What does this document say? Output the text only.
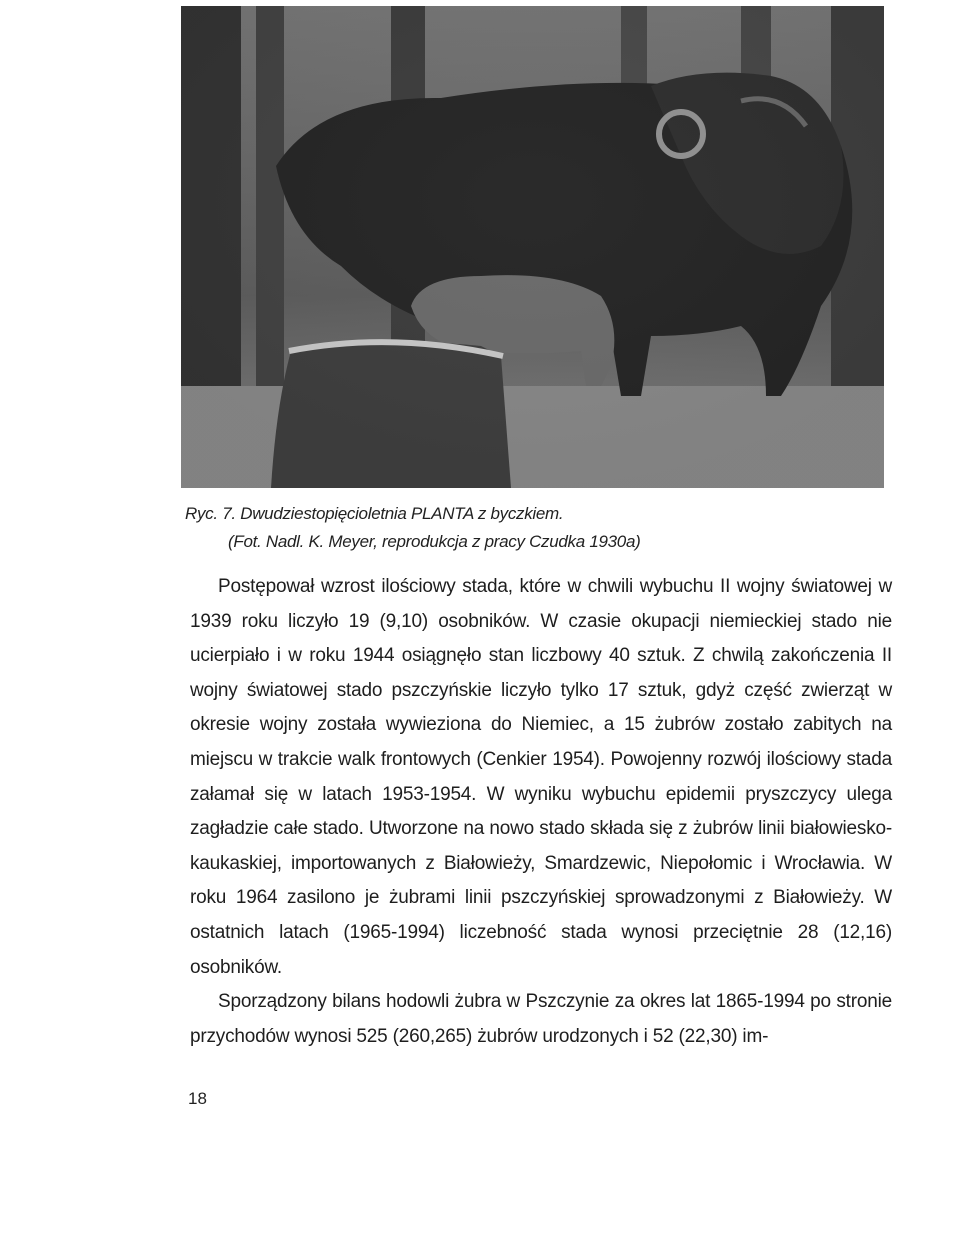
Ryc. 7. Dwudziestopięcioletnia PLANTA z byczkiem.
(Fot. Nadl. K. Meyer, reprodukcja z pracy Czudka 1930a)

Postępował wzrost ilościowy stada, które w chwili wybuchu II wojny światowej w 1939 roku liczyło 19 (9,10) osobników. W czasie okupacji niemieckiej stado nie ucierpiało i w roku 1944 osiągnęło stan liczbowy 40 sztuk. Z chwilą zakończenia II wojny światowej stado pszczyńskie liczyło tylko 17 sztuk, gdyż część zwierząt w okresie wojny została wywieziona do Niemiec, a 15 żubrów zostało zabitych na miejscu w trakcie walk frontowych (Cenkier 1954). Powojenny rozwój ilościowy stada załamał się w latach 1953-1954. W wyniku wybuchu epidemii pryszczycy ulega zagładzie całe stado. Utworzone na nowo stado składa się z żubrów linii białowiesko-kaukaskiej, importowanych z Białowieży, Smardzewic, Niepołomic i Wrocławia. W roku 1964 zasilono je żubrami linii pszczyńskiej sprowadzonymi z Białowieży. W ostatnich latach (1965-1994) liczebność stada wynosi przeciętnie 28 (12,16) osobników.

Sporządzony bilans hodowli żubra w Pszczynie za okres lat 1865-1994 po stronie przychodów wynosi 525 (260,265) żubrów urodzonych i 52 (22,30) im-

18
